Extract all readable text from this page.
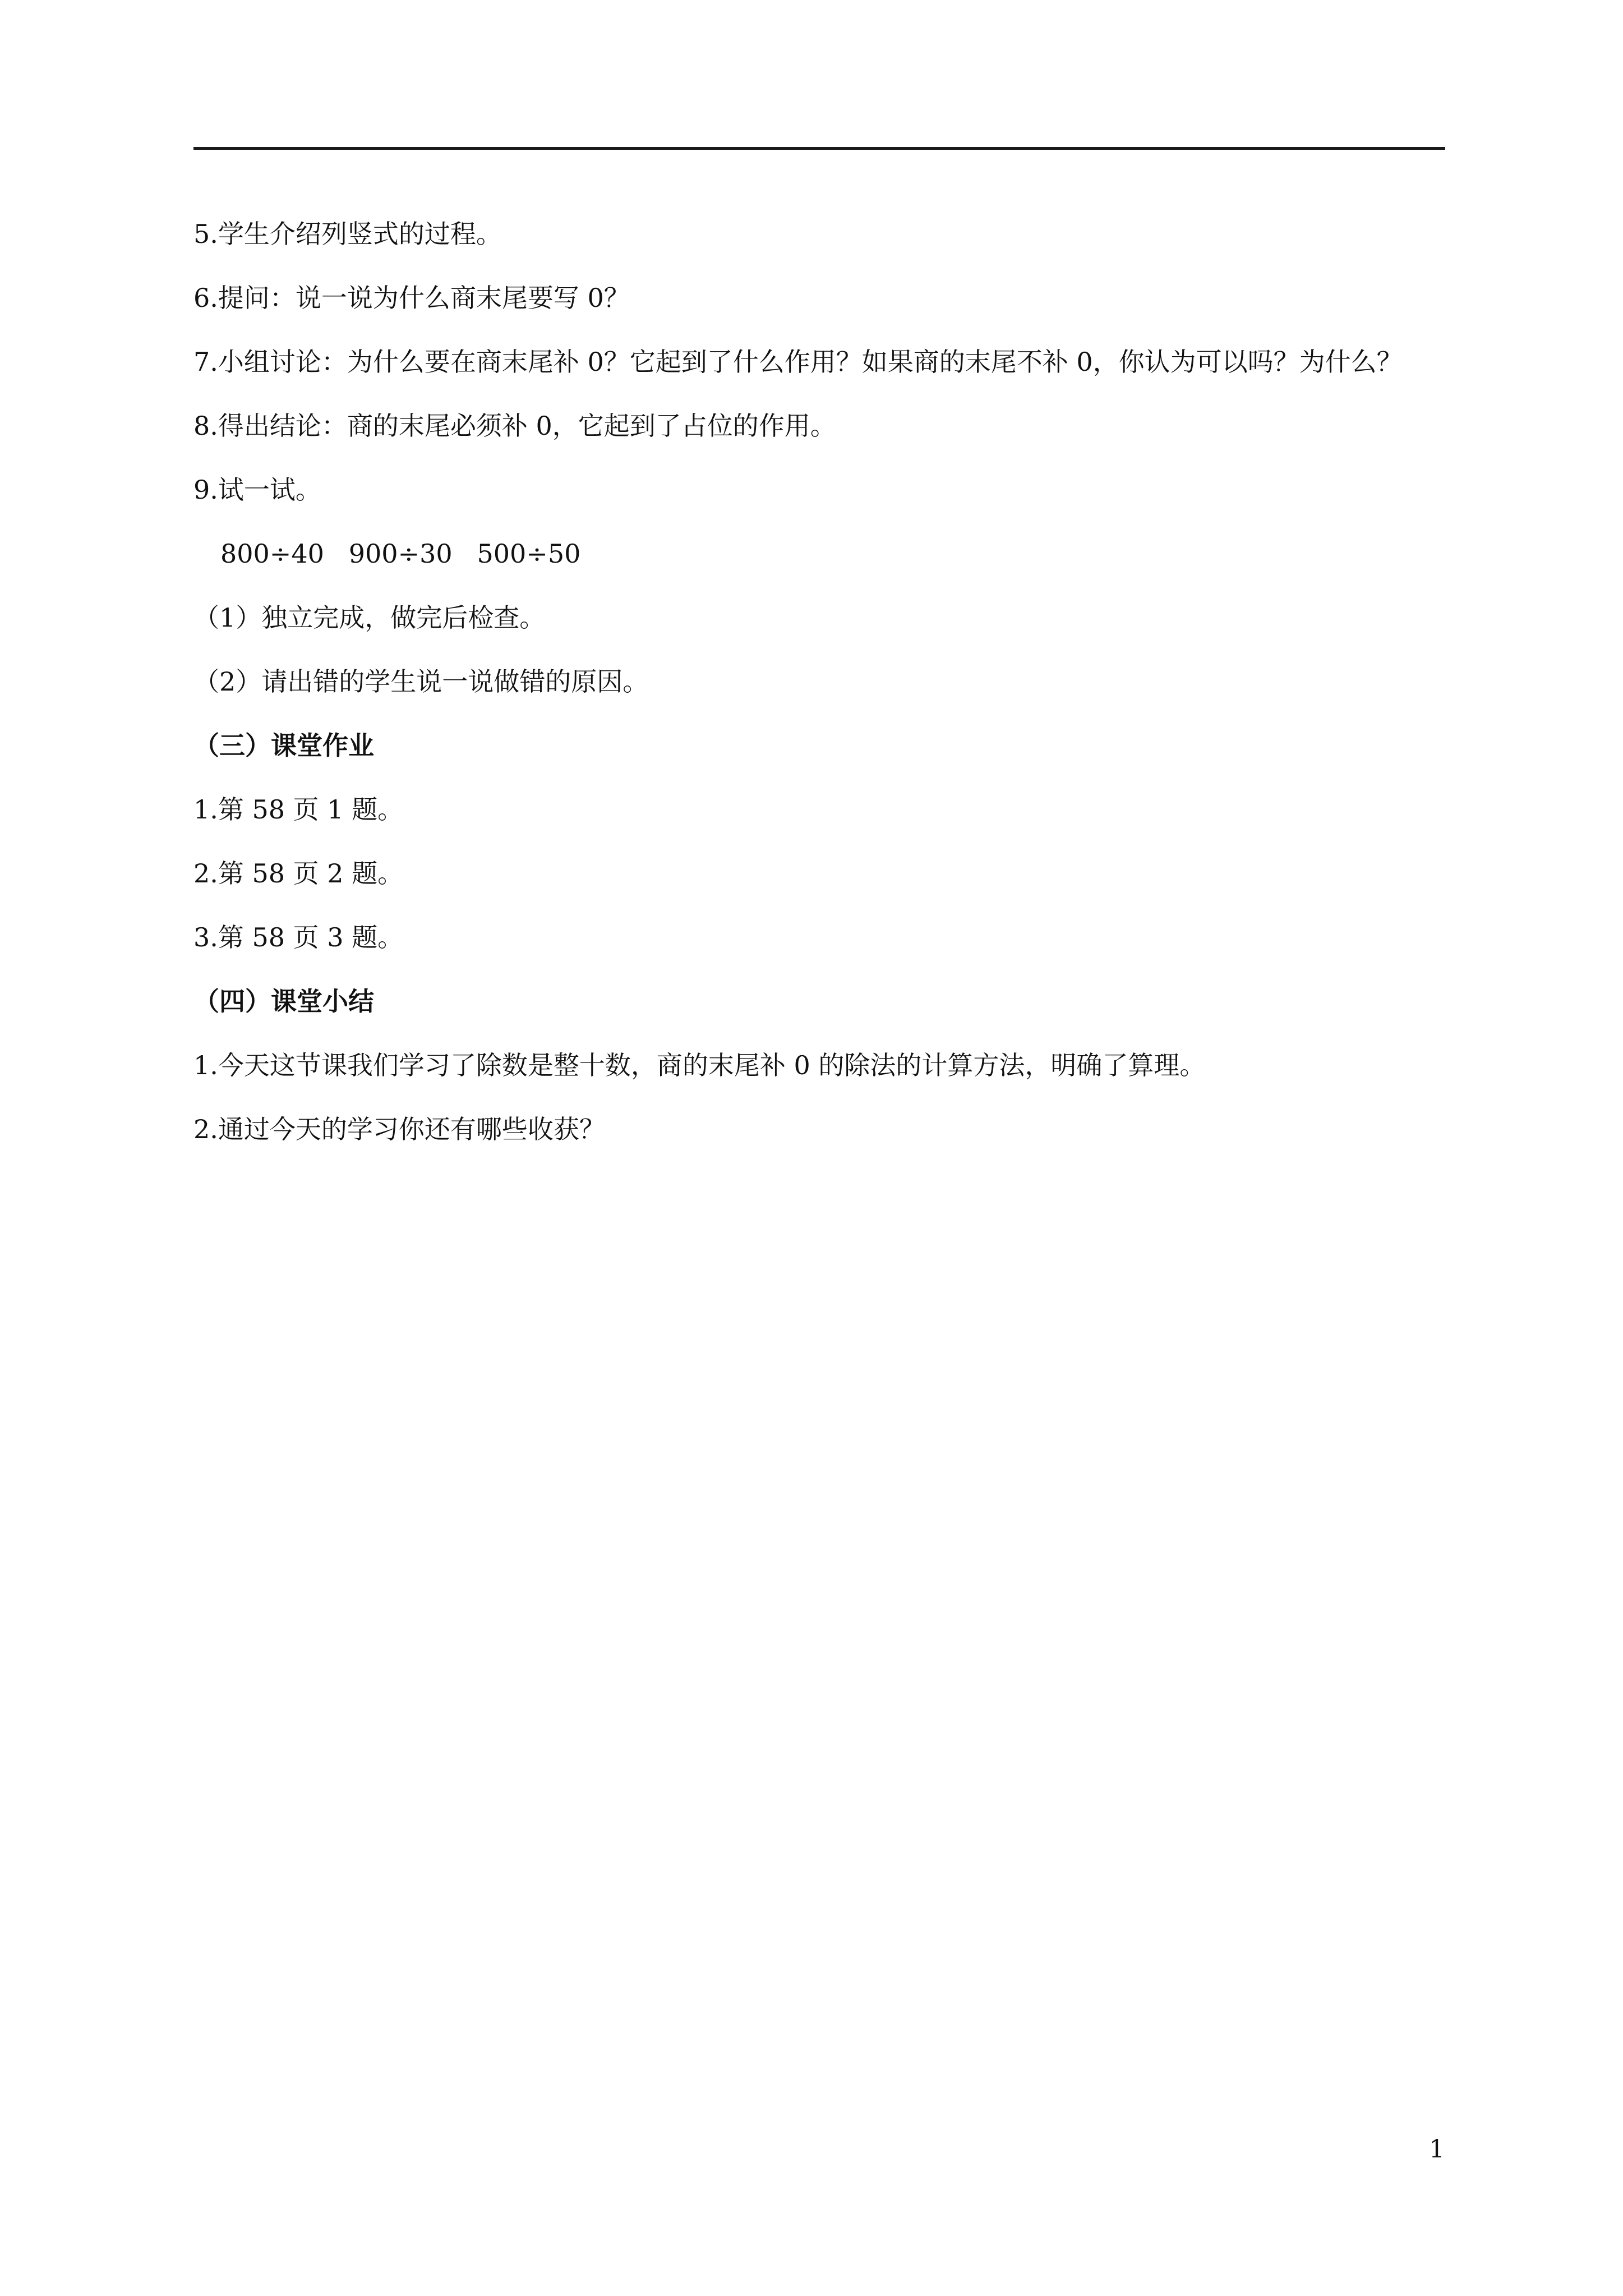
5.学生介绍列竖式的过程。

6.提问：说一说为什么商末尾要写 0？

7.小组讨论：为什么要在商末尾补 0？它起到了什么作用？如果商的末尾不补 0，你认为可以吗？为什么？

8.得出结论：商的末尾必须补 0，它起到了占位的作用。

9.试一试。

800÷40   900÷30   500÷50

（1）独立完成，做完后检查。

（2）请出错的学生说一说做错的原因。

（三）课堂作业

1.第 58 页 1 题。

2.第 58 页 2 题。

3.第 58 页 3 题。

（四）课堂小结

1.今天这节课我们学习了除数是整十数，商的末尾补 0 的除法的计算方法，明确了算理。

2.通过今天的学习你还有哪些收获？

1
